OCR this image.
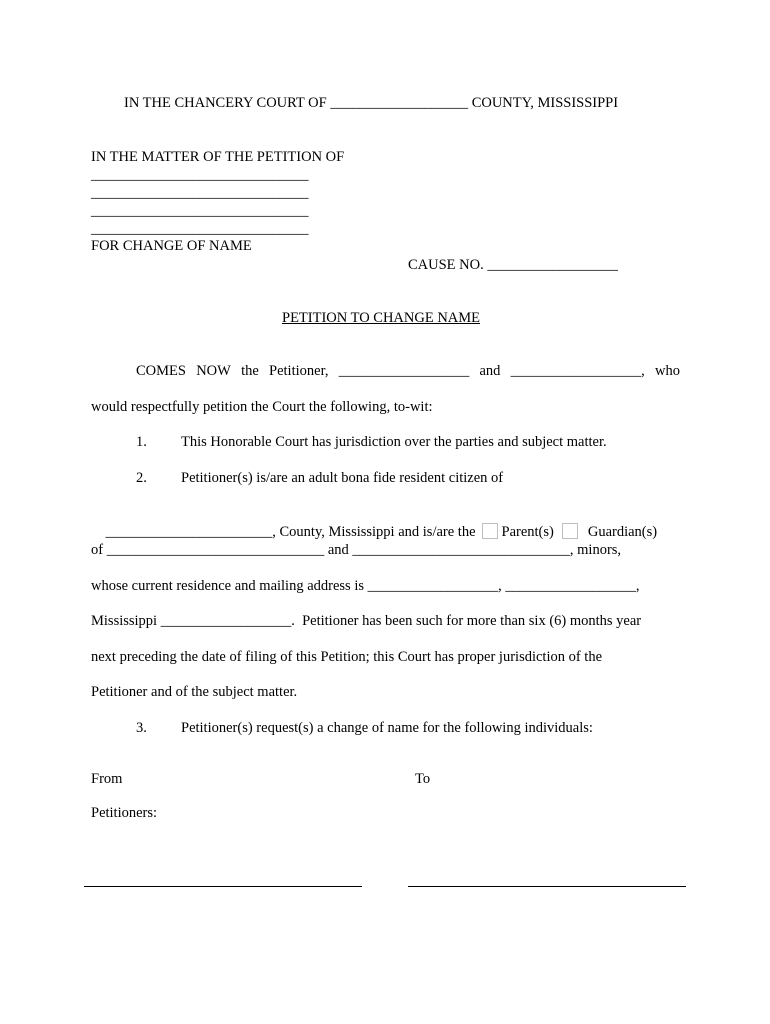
IN THE CHANCERY COURT OF ___________________ COUNTY, MISSISSIPPI
IN THE MATTER OF THE PETITION OF
______________________________
______________________________
______________________________
______________________________
FOR CHANGE OF NAME
CAUSE NO. __________________
PETITION TO CHANGE NAME
COMES NOW the Petitioner, __________________ and __________________, who
would respectfully petition the Court the following, to-wit:
1. This Honorable Court has jurisdiction over the parties and subject matter.
2. Petitioner(s) is/are an adult bona fide resident citizen of

_______________________, County, Mississippi and is/are the Parent(s) Guardian(s)

of ______________________________ and ______________________________, minors,
whose current residence and mailing address is __________________, __________________,
Mississippi __________________.  Petitioner has been such for more than six (6) months year
next preceding the date of filing of this Petition; this Court has proper jurisdiction of the
Petitioner and of the subject matter.
3. Petitioner(s) request(s) a change of name for the following individuals:
From	To
Petitioners:
